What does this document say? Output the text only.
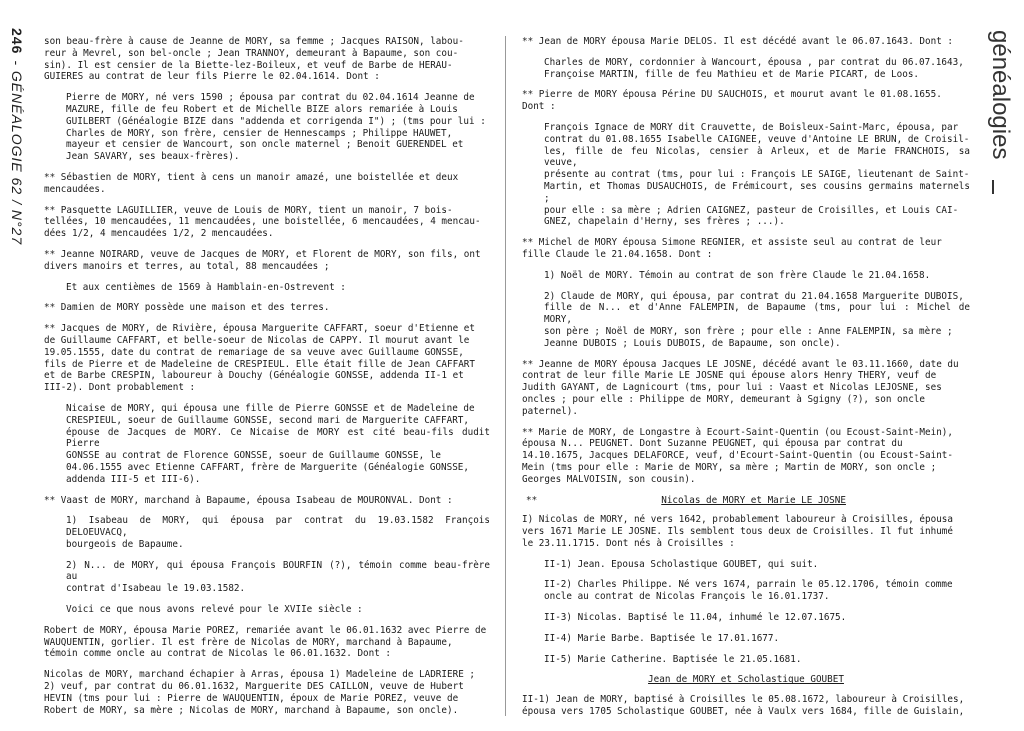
246- GÉNÉALOGIE 62 / N°27	généalogies

son beau-frère à cause de Jeanne de MORY, sa femme ; Jacques RAISON, labou-
reur à Mevrel, son bel-oncle ; Jean TRANNOY, demeurant à Bapaume, son cou-
sin). Il est censier de la Biette-lez-Boileux, et veuf de Barbe de HERAU-
GUIERES au contrat de leur fils Pierre le 02.04.1614. Dont :

Pierre de MORY, né vers 1590 ; épousa par contrat du 02.04.1614 Jeanne de
MAZURE, fille de feu Robert et de Michelle BIZE alors remariée à Louis
GUILBERT (Généalogie BIZE dans "addenda et corrigenda I") ; (tms pour lui :
Charles de MORY, son frère, censier de Hennescamps ; Philippe HAUWET,
mayeur et censier de Wancourt, son oncle maternel ; Benoit GUERENDEL et
Jean SAVARY, ses beaux-frères).

** Sébastien de MORY, tient à cens un manoir amazé, une boistellée et deux
mencaudées.

** Pasquette LAGUILLIER, veuve de Louis de MORY, tient un manoir, 7 bois-
tellées, 10 mencaudées, 11 mencaudées, une boistellée, 6 mencaudées, 4 mencau-
dées 1/2, 4 mencaudées 1/2, 2 mencaudées.

** Jeanne NOIRARD, veuve de Jacques de MORY, et Florent de MORY, son fils, ont
divers manoirs et terres, au total, 88 mencaudées ;

Et aux centièmes de 1569 à Hamblain-en-Ostrevent :

** Damien de MORY possède une maison et des terres.

** Jacques de MORY, de Rivière, épousa Marguerite CAFFART, soeur d'Etienne et
de Guillaume CAFFART, et belle-soeur de Nicolas de CAPPY. Il mourut avant le
19.05.1555, date du contrat de remariage de sa veuve avec Guillaume GONSSE,
fils de Pierre et de Madeleine de CRESPIEUL. Elle était fille de Jean CAFFART
et de Barbe CRESPIN, laboureur à Douchy (Généalogie GONSSE, addenda II-1 et
III-2). Dont probablement :

Nicaise de MORY, qui épousa une fille de Pierre GONSSE et de Madeleine de
CRESPIEUL, soeur de Guillaume GONSSE, second mari de Marguerite CAFFART,
épouse de Jacques de MORY. Ce Nicaise de MORY est cité beau-fils dudit Pierre
GONSSE au contrat de Florence GONSSE, soeur de Guillaume GONSSE, le
04.06.1555 avec Etienne CAFFART, frère de Marguerite (Généalogie GONSSE,
addenda III-5 et III-6).

** Vaast de MORY, marchand à Bapaume, épousa Isabeau de MOURONVAL. Dont :

1) Isabeau de MORY, qui épousa par contrat du 19.03.1582 François DELOEUVACQ,
bourgeois de Bapaume.

2) N... de MORY, qui épousa François BOURFIN (?), témoin comme beau-frère au
contrat d'Isabeau le 19.03.1582.

Voici ce que nous avons relevé pour le XVIIe siècle :

Robert de MORY, épousa Marie POREZ, remariée avant le 06.01.1632 avec Pierre de
WAUQUENTIN, gorlier. Il est frère de Nicolas de MORY, marchand à Bapaume,
témoin comme oncle au contrat de Nicolas le 06.01.1632. Dont :

Nicolas de MORY, marchand échapier à Arras, épousa 1) Madeleine de LADRIERE ;
2) veuf, par contrat du 06.01.1632, Marguerite DES CAILLON, veuve de Hubert
HEVIN (tms pour lui : Pierre de WAUQUENTIN, époux de Marie POREZ, veuve de
Robert de MORY, sa mère ; Nicolas de MORY, marchand à Bapaume, son oncle).

** Jean de MORY épousa Marie DELOS. Il est décédé avant le 06.07.1643. Dont :

Charles de MORY, cordonnier à Wancourt, épousa , par contrat du 06.07.1643,
Françoise MARTIN, fille de feu Mathieu et de Marie PICART, de Loos.

** Pierre de MORY épousa Périne DU SAUCHOIS, et mourut avant le 01.08.1655.
Dont :

François Ignace de MORY dit Crauvette, de Boisleux-Saint-Marc, épousa, par
contrat du 01.08.1655 Isabelle CAIGNEE, veuve d'Antoine LE BRUN, de Croisil-
les, fille de feu Nicolas, censier à Arleux, et de Marie FRANCHOIS, sa veuve,
présente au contrat (tms, pour lui : François LE SAIGE, lieutenant de Saint-
Martin, et Thomas DUSAUCHOIS, de Frémicourt, ses cousins germains maternels ;
pour elle : sa mère ; Adrien CAIGNEZ, pasteur de Croisilles, et Louis CAI-
GNEZ, chapelain d'Herny, ses frères ; ...).

** Michel de MORY épousa Simone REGNIER, et assiste seul au contrat de leur
fille Claude le 21.04.1658. Dont :

1) Noël de MORY. Témoin au contrat de son frère Claude le 21.04.1658.

2) Claude de MORY, qui épousa, par contrat du 21.04.1658 Marguerite DUBOIS,
fille de N... et d'Anne FALEMPIN, de Bapaume (tms, pour lui : Michel de MORY,
son père ; Noël de MORY, son frère ; pour elle : Anne FALEMPIN, sa mère ;
Jeanne DUBOIS ; Louis DUBOIS, de Bapaume, son oncle).

** Jeanne de MORY épousa Jacques LE JOSNE, décédé avant le 03.11.1660, date du
contrat de leur fille Marie LE JOSNE qui épouse alors Henry THERY, veuf de
Judith GAYANT, de Lagnicourt (tms, pour lui : Vaast et Nicolas LEJOSNE, ses
oncles ; pour elle : Philippe de MORY, demeurant à Sgigny (?), son oncle
paternel).

** Marie de MORY, de Longastre à Ecourt-Saint-Quentin (ou Ecoust-Saint-Mein),
épousa N... PEUGNET. Dont Suzanne PEUGNET, qui épousa par contrat du
14.10.1675, Jacques DELAFORCE, veuf, d'Ecourt-Saint-Quentin (ou Ecoust-Saint-
Mein (tms pour elle : Marie de MORY, sa mère ; Martin de MORY, son oncle ;
Georges MALVOISIN, son cousin).

**	Nicolas de MORY et Marie LE JOSNE

I) Nicolas de MORY, né vers 1642, probablement laboureur à Croisilles, épousa
vers 1671 Marie LE JOSNE. Ils semblent tous deux de Croisilles. Il fut inhumé
le 23.11.1715. Dont nés à Croisilles :

II-1) Jean. Epousa Scholastique GOUBET, qui suit.

II-2) Charles Philippe. Né vers 1674, parrain le 05.12.1706, témoin comme
oncle au contrat de Nicolas François le 16.01.1737.

II-3) Nicolas. Baptisé le 11.04, inhumé le 12.07.1675.

II-4) Marie Barbe. Baptisée le 17.01.1677.

II-5) Marie Catherine. Baptisée le 21.05.1681.

Jean de MORY et Scholastique GOUBET

II-1) Jean de MORY, baptisé à Croisilles le 05.08.1672, laboureur à Croisilles,
épousa vers 1705 Scholastique GOUBET, née à Vaulx vers 1684, fille de Guislain,
